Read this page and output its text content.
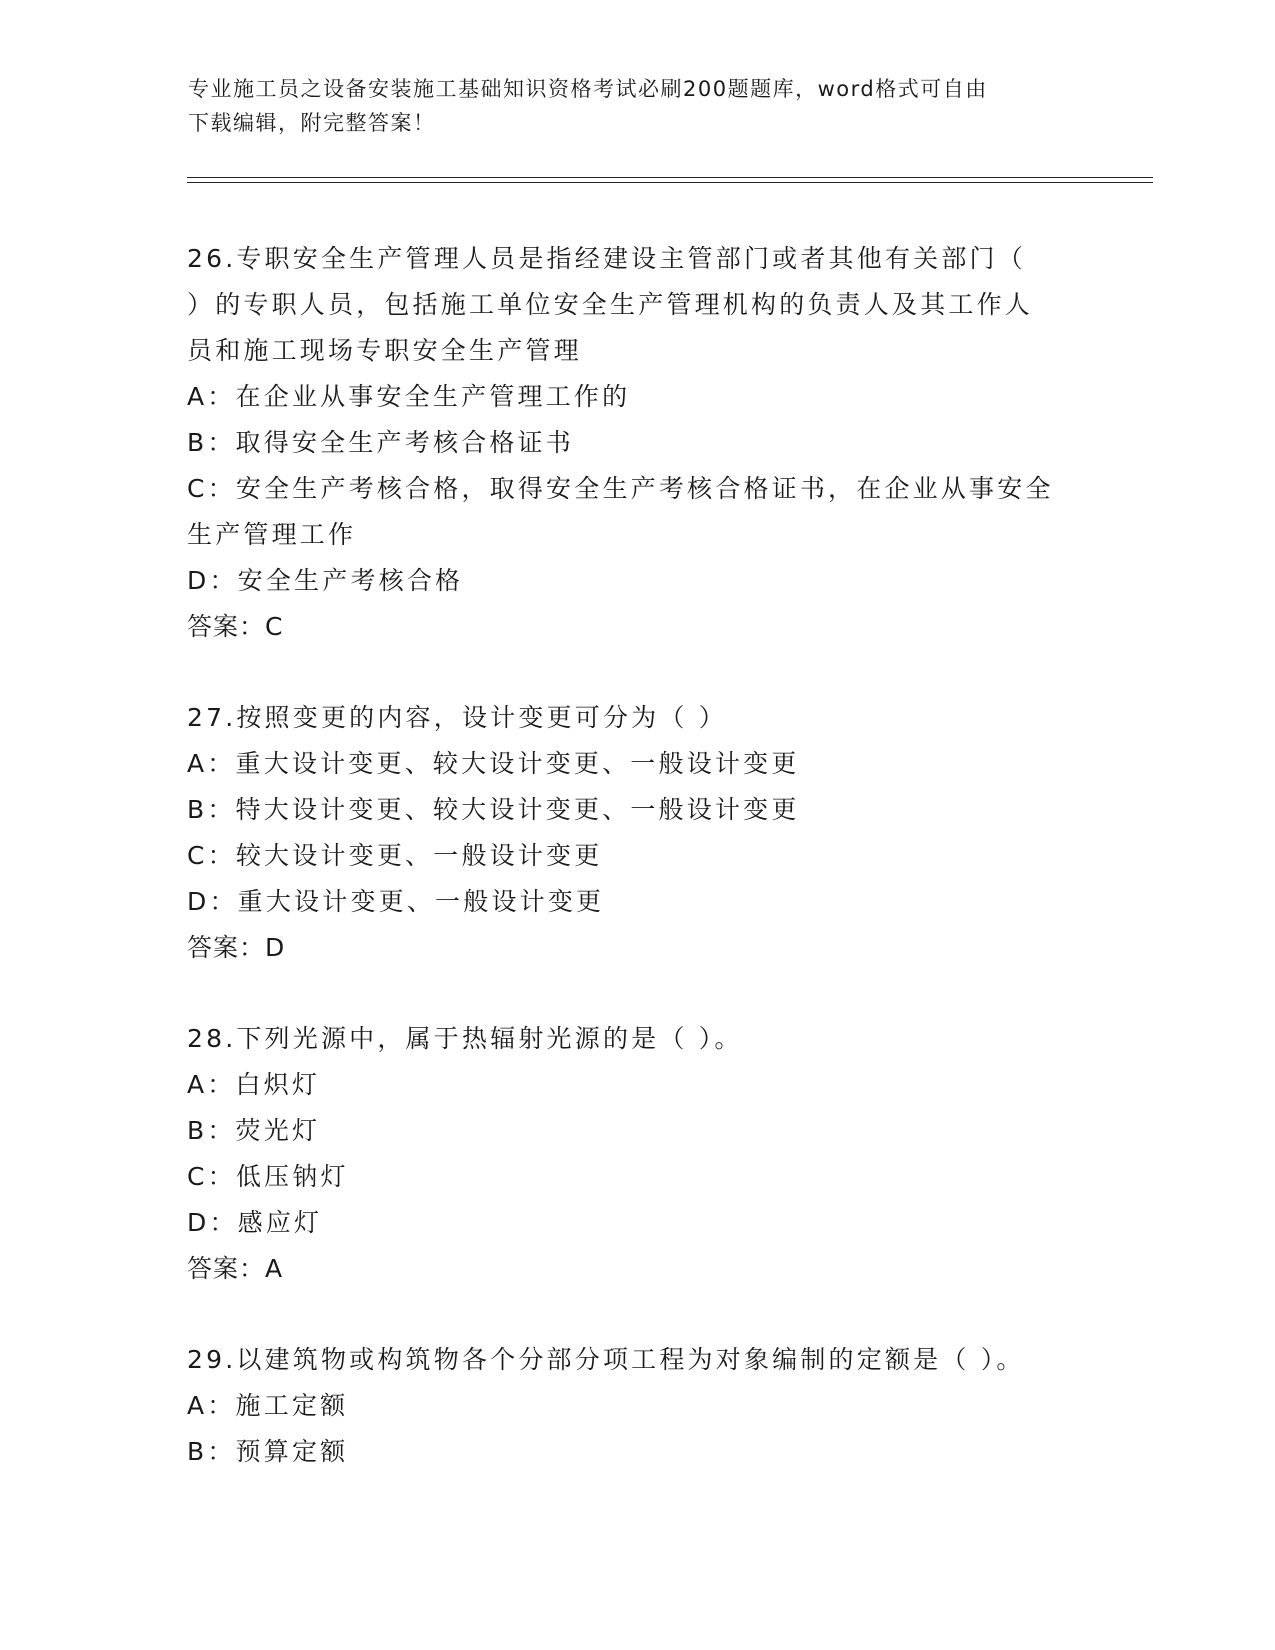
专业施工员之设备安装施工基础知识资格考试必刷200题题库，word格式可自由
下载编辑，附完整答案！
26.专职安全生产管理人员是指经建设主管部门或者其他有关部门（
）的专职人员，包括施工单位安全生产管理机构的负责人及其工作人
员和施工现场专职安全生产管理
A：在企业从事安全生产管理工作的
B：取得安全生产考核合格证书
C：安全生产考核合格，取得安全生产考核合格证书，在企业从事安全
生产管理工作
D：安全生产考核合格
答案：C
27.按照变更的内容，设计变更可分为（ ）
A：重大设计变更、较大设计变更、一般设计变更
B：特大设计变更、较大设计变更、一般设计变更
C：较大设计变更、一般设计变更
D：重大设计变更、一般设计变更
答案：D
28.下列光源中，属于热辐射光源的是（ ）。
A：白炽灯
B：荧光灯
C：低压钠灯
D：感应灯
答案：A
29.以建筑物或构筑物各个分部分项工程为对象编制的定额是（ ）。
A：施工定额
B：预算定额
